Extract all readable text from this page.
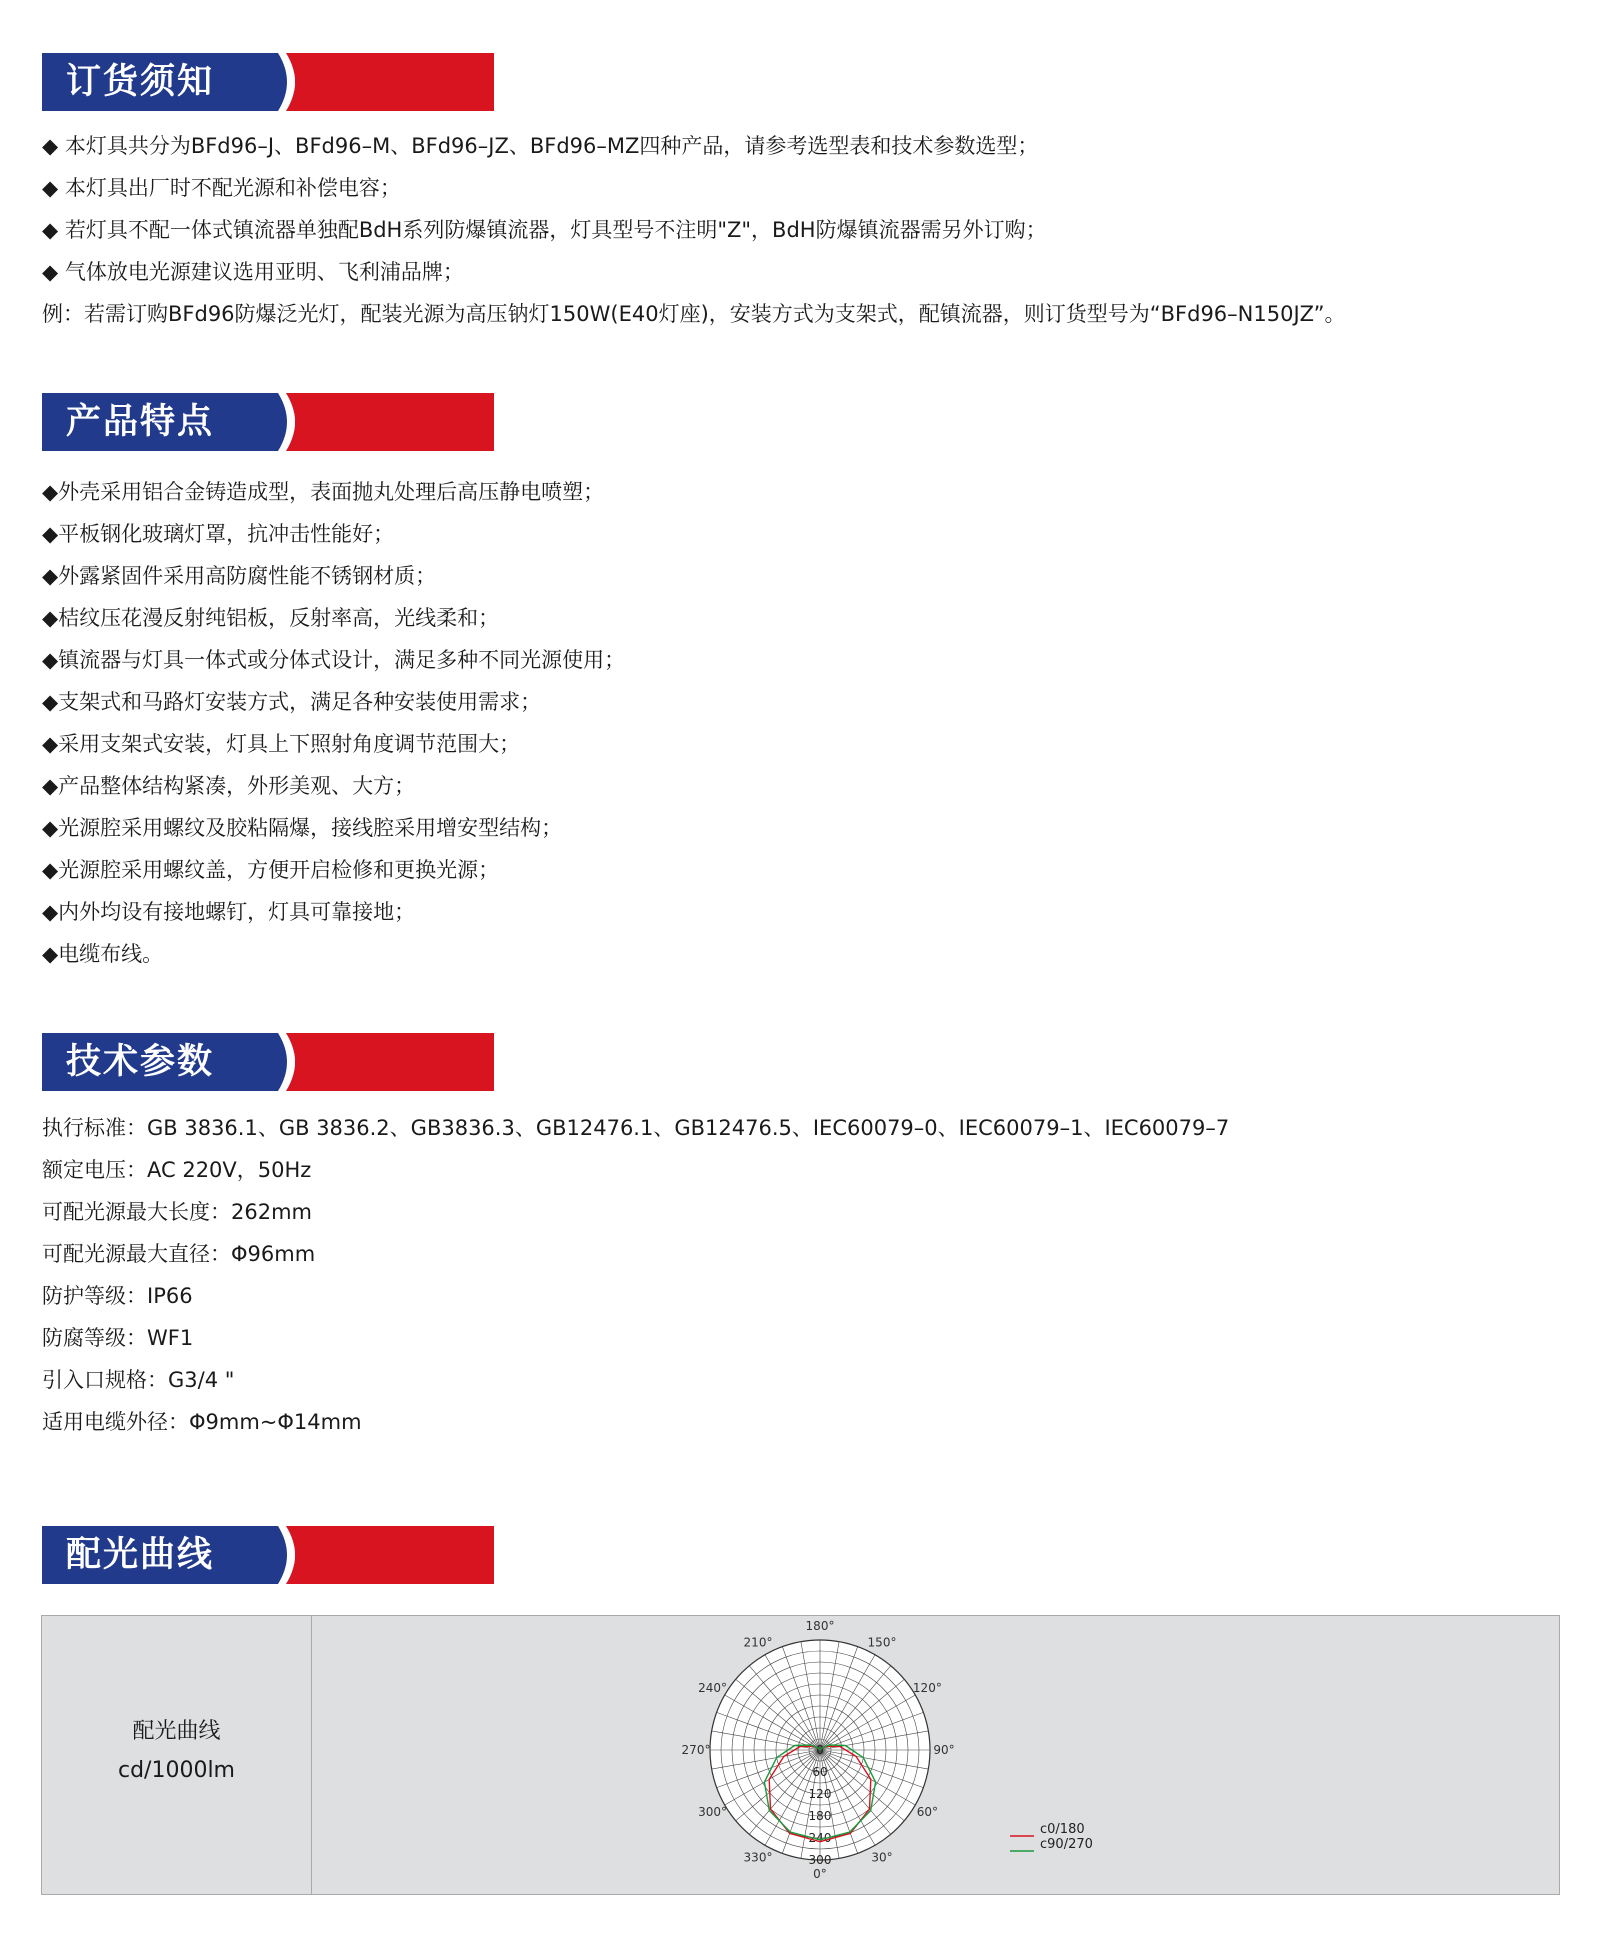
订货须知
◆ 本灯具共分为BFd96–J、BFd96–M、BFd96–JZ、BFd96–MZ四种产品，请参考选型表和技术参数选型；
◆ 本灯具出厂时不配光源和补偿电容；
◆ 若灯具不配一体式镇流器单独配BdH系列防爆镇流器，灯具型号不注明"Z"，BdH防爆镇流器需另外订购；
◆ 气体放电光源建议选用亚明、飞利浦品牌；
例：若需订购BFd96防爆泛光灯，配装光源为高压钠灯150W(E40灯座)，安装方式为支架式，配镇流器，则订货型号为“BFd96–N150JZ”。
产品特点
◆外壳采用铝合金铸造成型，表面抛丸处理后高压静电喷塑；
◆平板钢化玻璃灯罩，抗冲击性能好；
◆外露紧固件采用高防腐性能不锈钢材质；
◆桔纹压花漫反射纯铝板，反射率高，光线柔和；
◆镇流器与灯具一体式或分体式设计，满足多种不同光源使用；
◆支架式和马路灯安装方式，满足各种安装使用需求；
◆采用支架式安装，灯具上下照射角度调节范围大；
◆产品整体结构紧凑，外形美观、大方；
◆光源腔采用螺纹及胶粘隔爆，接线腔采用增安型结构；
◆光源腔采用螺纹盖，方便开启检修和更换光源；
◆内外均设有接地螺钉，灯具可靠接地；
◆电缆布线。
技术参数
执行标准：GB 3836.1、GB 3836.2、GB3836.3、GB12476.1、GB12476.5、IEC60079–0、IEC60079–1、IEC60079–7
额定电压：AC 220V，50Hz
可配光源最大长度：262mm
可配光源最大直径：Φ96mm
防护等级：IP66
防腐等级：WF1
引入口规格：G3/4 "
适用电缆外径：Φ9mm~Φ14mm
配光曲线
配光曲线
cd/1000lm
180°
150°
120°
90°
60°
30°
0°
330°
300°
270°
240°
210°
0
60
120
180
240
300
c0/180
c90/270
